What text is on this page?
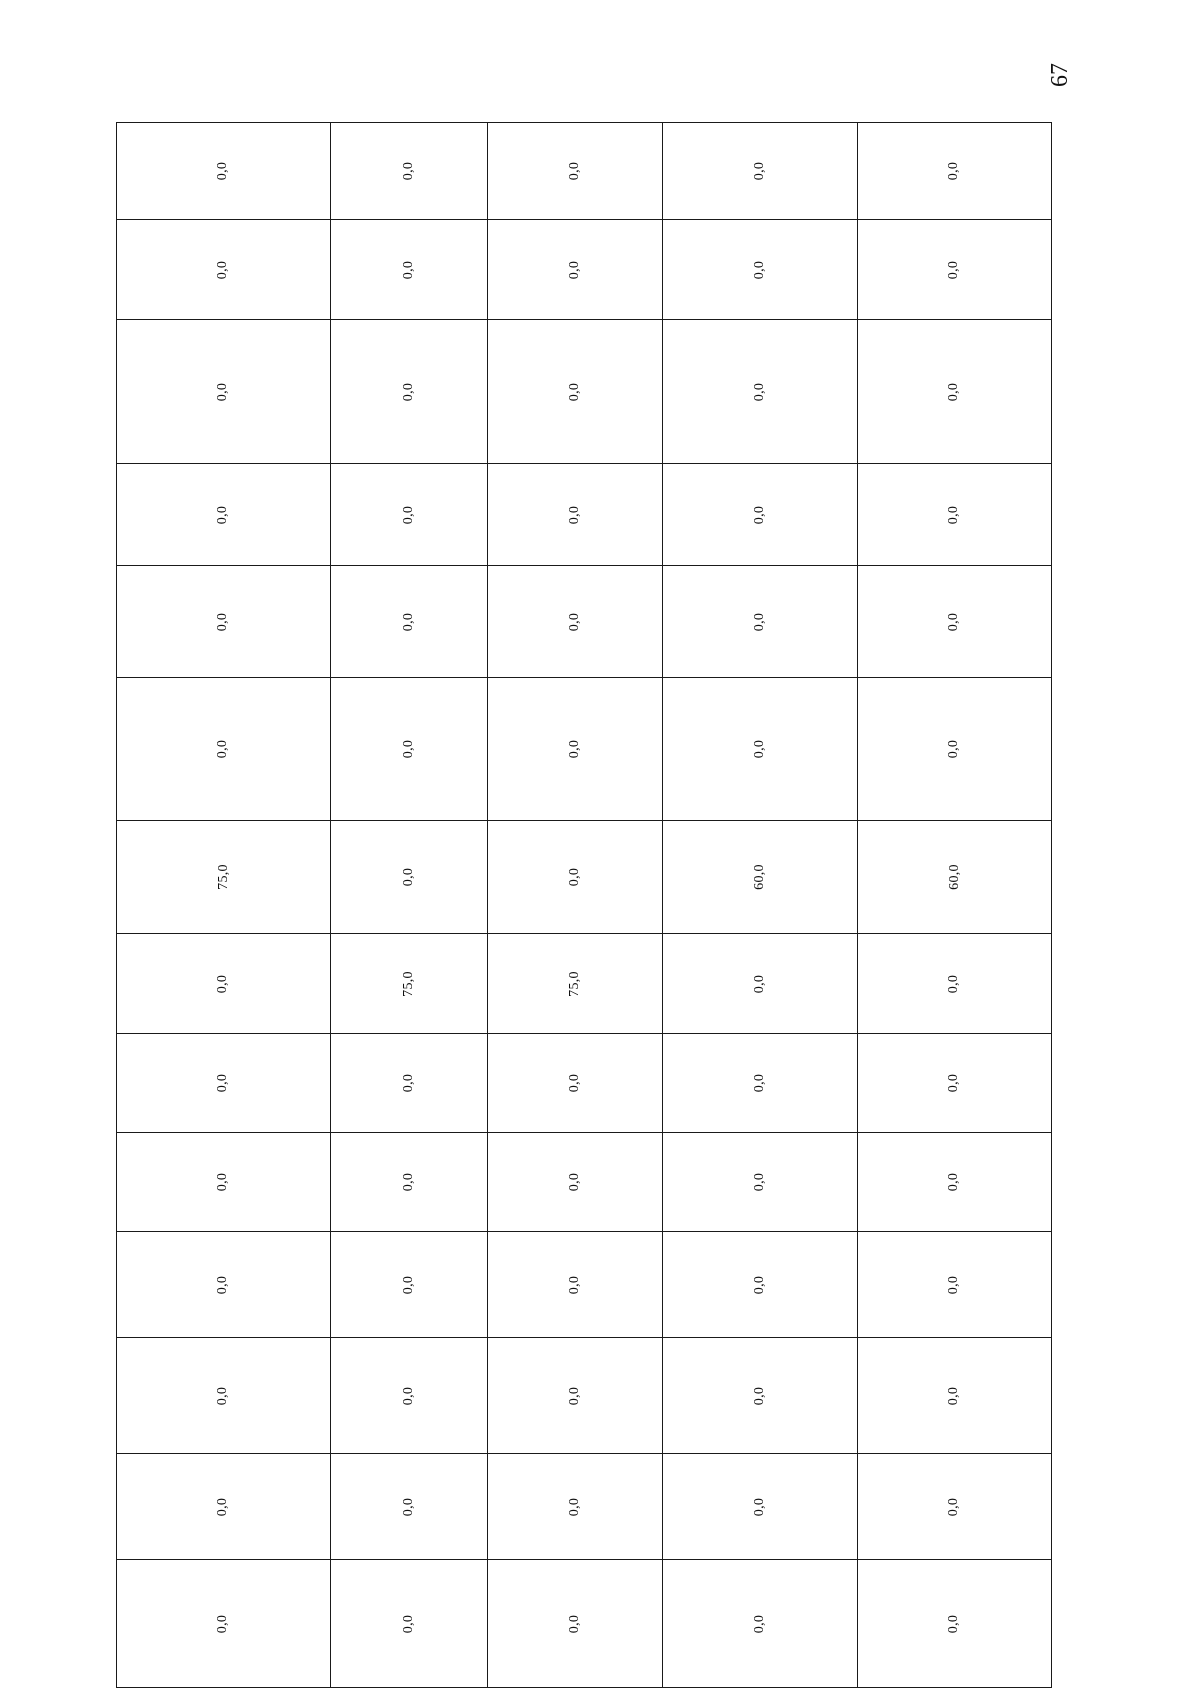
67
0,0	0,0	0,0	0,0	0,0
0,0	0,0	0,0	0,0	0,0
0,0	0,0	0,0	0,0	0,0
0,0	0,0	0,0	0,0	0,0
0,0	0,0	0,0	0,0	0,0
0,0	0,0	0,0	0,0	0,0
75,0	0,0	0,0	60,0	60,0
0,0	75,0	75,0	0,0	0,0
0,0	0,0	0,0	0,0	0,0
0,0	0,0	0,0	0,0	0,0
0,0	0,0	0,0	0,0	0,0
0,0	0,0	0,0	0,0	0,0
0,0	0,0	0,0	0,0	0,0
0,0	0,0	0,0	0,0	0,0
